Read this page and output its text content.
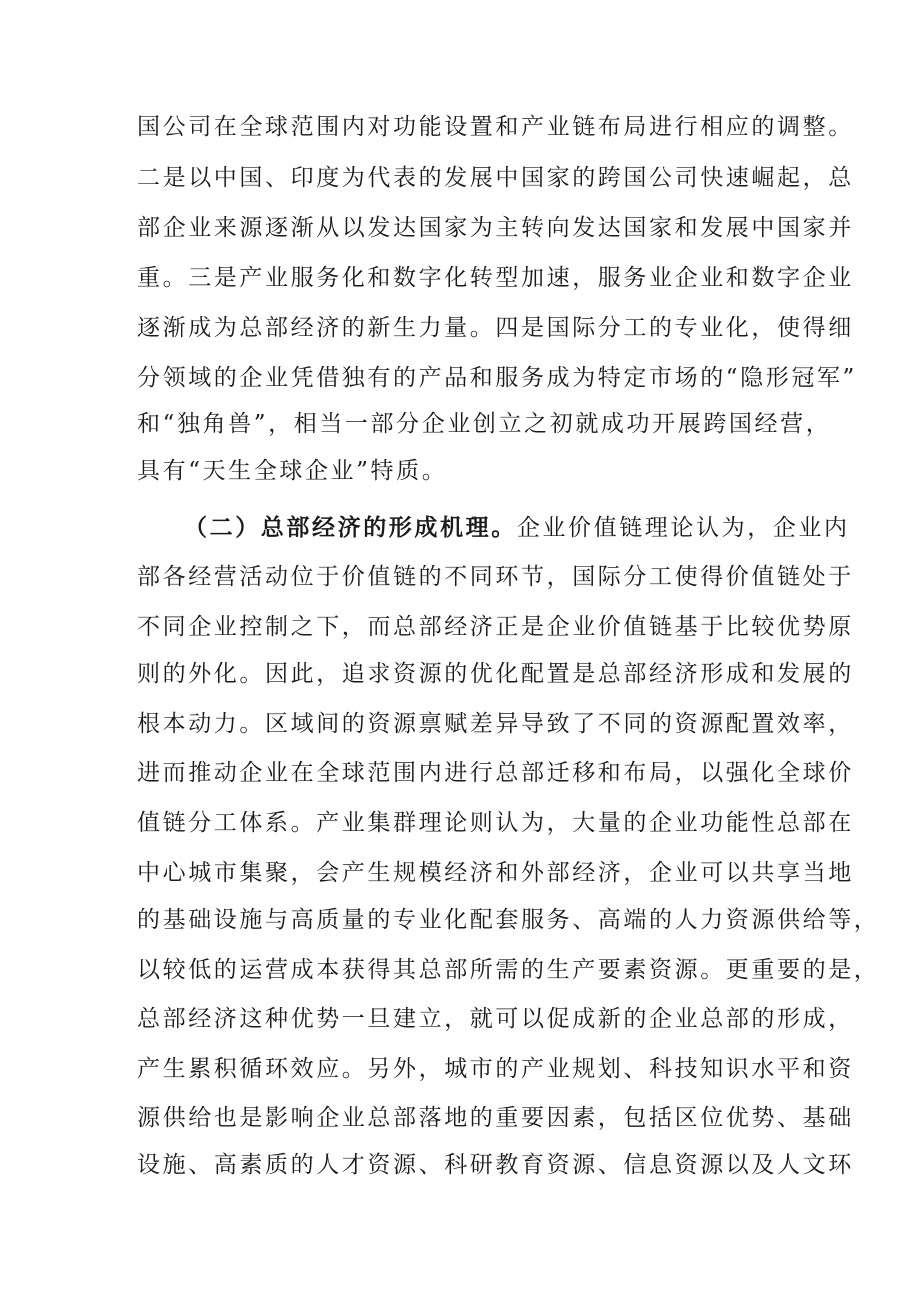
国公司在全球范围内对功能设置和产业链布局进行相应的调整。
二是以中国、印度为代表的发展中国家的跨国公司快速崛起，总
部企业来源逐渐从以发达国家为主转向发达国家和发展中国家并
重。三是产业服务化和数字化转型加速，服务业企业和数字企业
逐渐成为总部经济的新生力量。四是国际分工的专业化，使得细
分领域的企业凭借独有的产品和服务成为特定市场的“隐形冠军”
和“独角兽”，相当一部分企业创立之初就成功开展跨国经营，
具有“天生全球企业”特质。
（二）总部经济的形成机理。企业价值链理论认为，企业内
部各经营活动位于价值链的不同环节，国际分工使得价值链处于
不同企业控制之下，而总部经济正是企业价值链基于比较优势原
则的外化。因此，追求资源的优化配置是总部经济形成和发展的
根本动力。区域间的资源禀赋差异导致了不同的资源配置效率，
进而推动企业在全球范围内进行总部迁移和布局，以强化全球价
值链分工体系。产业集群理论则认为，大量的企业功能性总部在
中心城市集聚，会产生规模经济和外部经济，企业可以共享当地
的基础设施与高质量的专业化配套服务、高端的人力资源供给等，
以较低的运营成本获得其总部所需的生产要素资源。更重要的是，
总部经济这种优势一旦建立，就可以促成新的企业总部的形成，
产生累积循环效应。另外，城市的产业规划、科技知识水平和资
源供给也是影响企业总部落地的重要因素，包括区位优势、基础
设施、高素质的人才资源、科研教育资源、信息资源以及人文环
